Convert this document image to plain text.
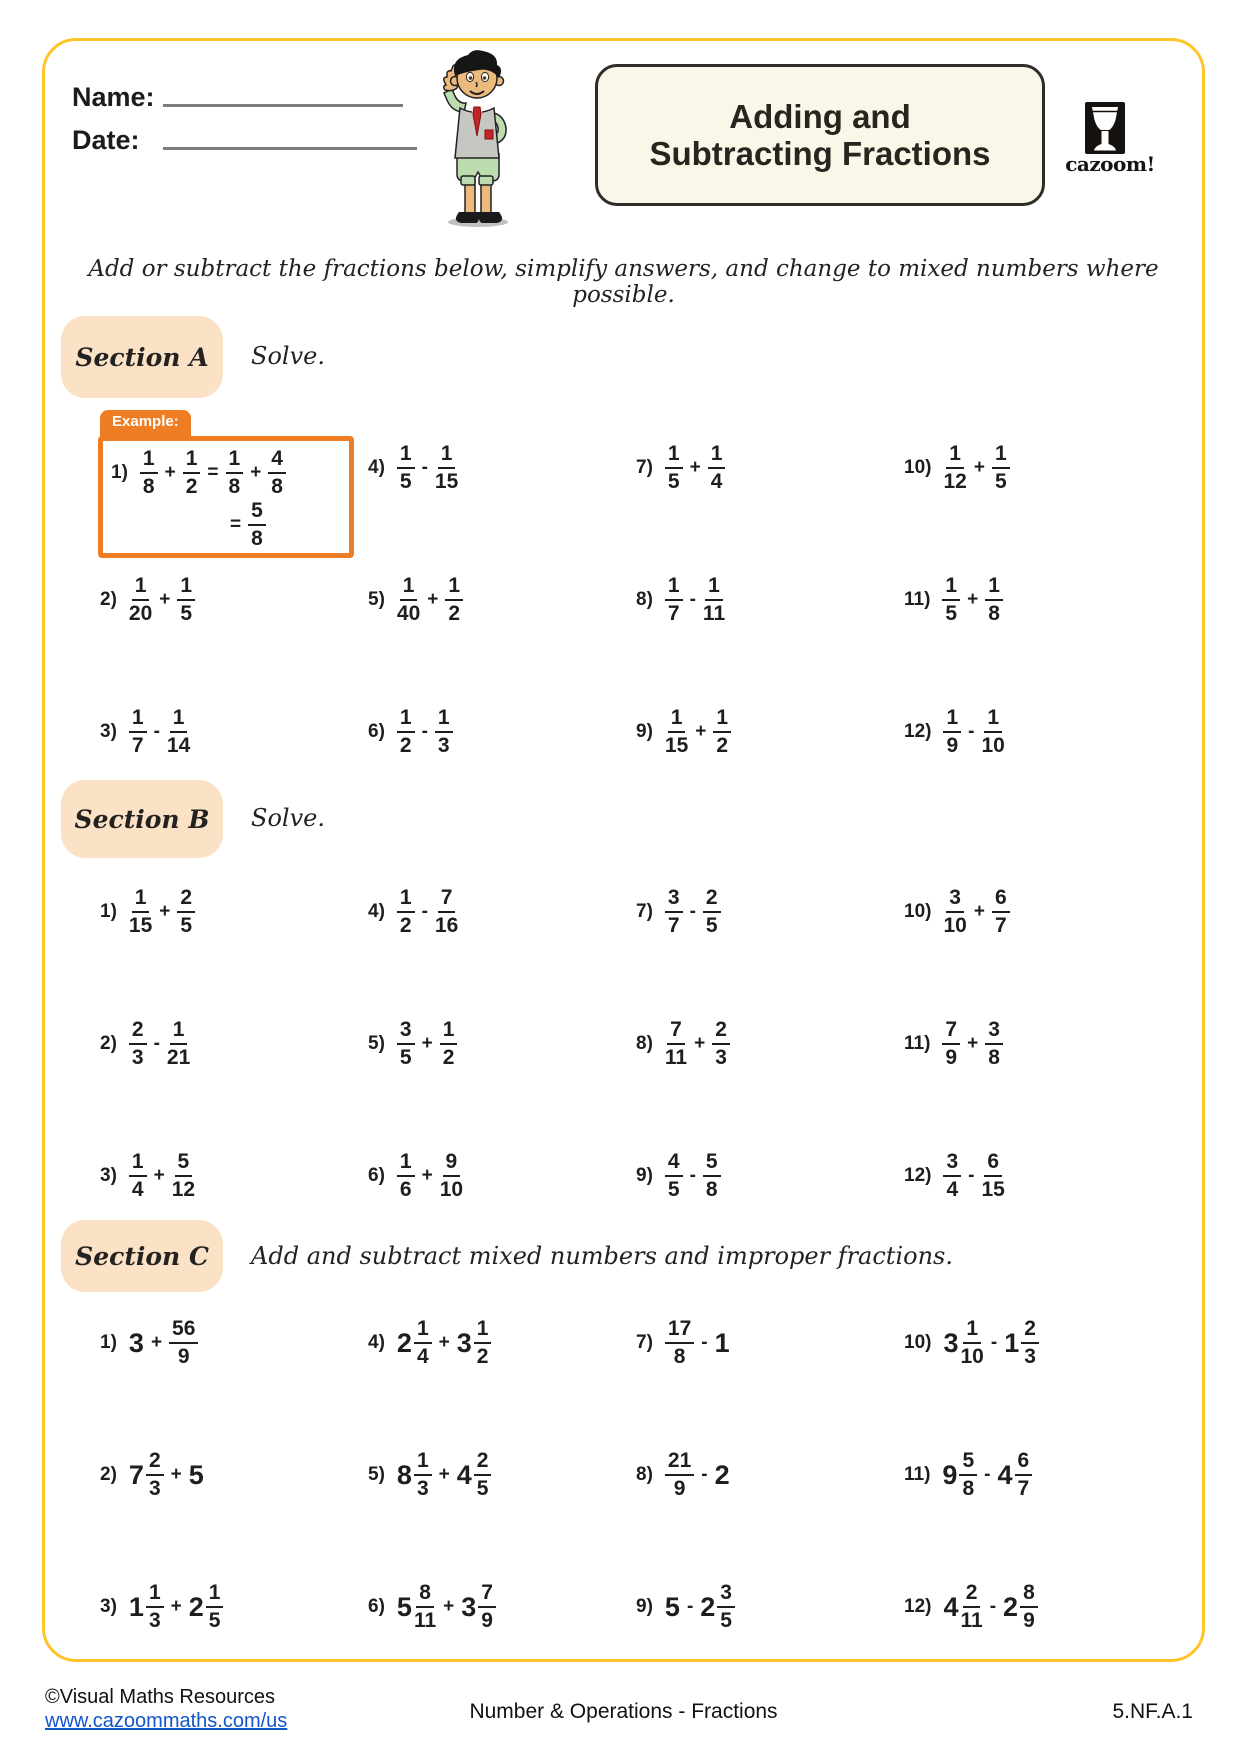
Name:
Date:
Adding and
Subtracting Fractions	cazoom!
Add or subtract the fractions below, simplify answers, and change to mixed numbers where possible.
Section A	Solve.
Example:
$1) \frac{1}{8} + \frac{1}{2} = \frac{1}{8} + \frac{4}{8}$
= $\frac{5}{8}$
$4) \frac{1}{5} - \frac{1}{15}$	$7) \frac{1}{5} + \frac{1}{4}$	$10) \frac{1}{12} + \frac{1}{5}$
$2) \frac{1}{20} + \frac{1}{5}$	$5) \frac{1}{40} + \frac{1}{2}$	$8) \frac{1}{7} - \frac{1}{11}$	$11) \frac{1}{5} + \frac{1}{8}$
$3) \frac{1}{7} - \frac{1}{14}$	$6) \frac{1}{2} - \frac{1}{3}$	$9) \frac{1}{15} + \frac{1}{2}$	$12) \frac{1}{9} - \frac{1}{10}$
Section B	Solve.
$1) \frac{1}{15} + \frac{2}{5}$	$4) \frac{1}{2} - \frac{7}{16}$	$7) \frac{3}{7} - \frac{2}{5}$	$10) \frac{3}{10} + \frac{6}{7}$
$2) \frac{2}{3} - \frac{1}{21}$	$5) \frac{3}{5} + \frac{1}{2}$	$8) \frac{7}{11} + \frac{2}{3}$	$11) \frac{7}{9} + \frac{3}{8}$
$3) \frac{1}{4} + \frac{5}{12}$	$6) \frac{1}{6} + \frac{9}{10}$	$9) \frac{4}{5} - \frac{5}{8}$	$12) \frac{3}{4} - \frac{6}{15}$
Section C	Add and subtract mixed numbers and improper fractions.
1) $3 + \frac{56}{9}$	4) $2 \frac{1}{4} + 3 \frac{1}{2}$	$7) \frac{17}{8} - 1$	10) $3 \frac{1}{10} - 1 \frac{2}{3}$
2) $7 \frac{2}{3} + 5$	5) $8 \frac{1}{3} + 4 \frac{2}{5}$	$8) \frac{21}{9} - 2$	11) $9 \frac{5}{8} - 4 \frac{6}{7}$
3) $1 \frac{1}{3} + 2 \frac{1}{5}$	6) $5 \frac{8}{11} + 3 \frac{7}{9}$	9) $5 - 2 \frac{3}{5}$	12) $4 \frac{2}{11} - 2 \frac{8}{9}$
©Visual Maths Resources
www.cazoommaths.com/us	Number & Operations - Fractions	5.NF.A.1
